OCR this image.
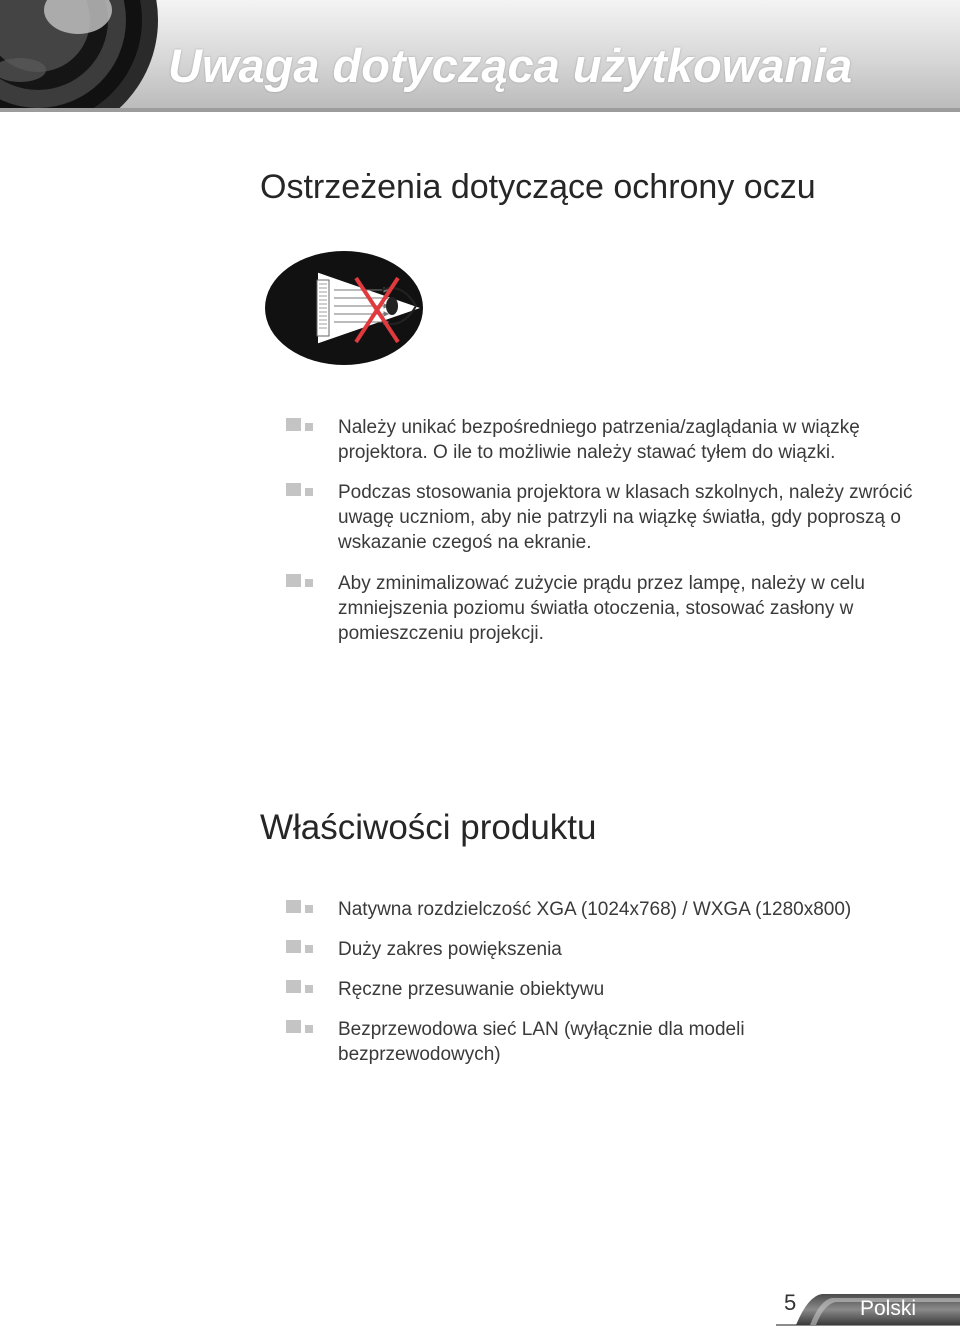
Uwaga dotycząca użytkowania
Ostrzeżenia dotyczące ochrony oczu
Należy unikać bezpośredniego patrzenia/zaglądania w wiązkę projektora. O ile to możliwie należy stawać tyłem do wiązki.
Podczas stosowania projektora w klasach szkolnych, należy zwrócić uwagę uczniom, aby nie patrzyli na wiązkę światła, gdy poproszą o wskazanie czegoś na ekranie.
Aby zminimalizować zużycie prądu przez lampę, należy w celu zmniejszenia poziomu światła otoczenia, stosować zasłony w pomieszczeniu projekcji.
Właściwości produktu
Natywna rozdzielczość XGA (1024x768) / WXGA (1280x800)
Duży zakres powiększenia
Ręczne przesuwanie obiektywu
Bezprzewodowa sieć LAN (wyłącznie dla modeli bezprzewodowych)
5	Polski
